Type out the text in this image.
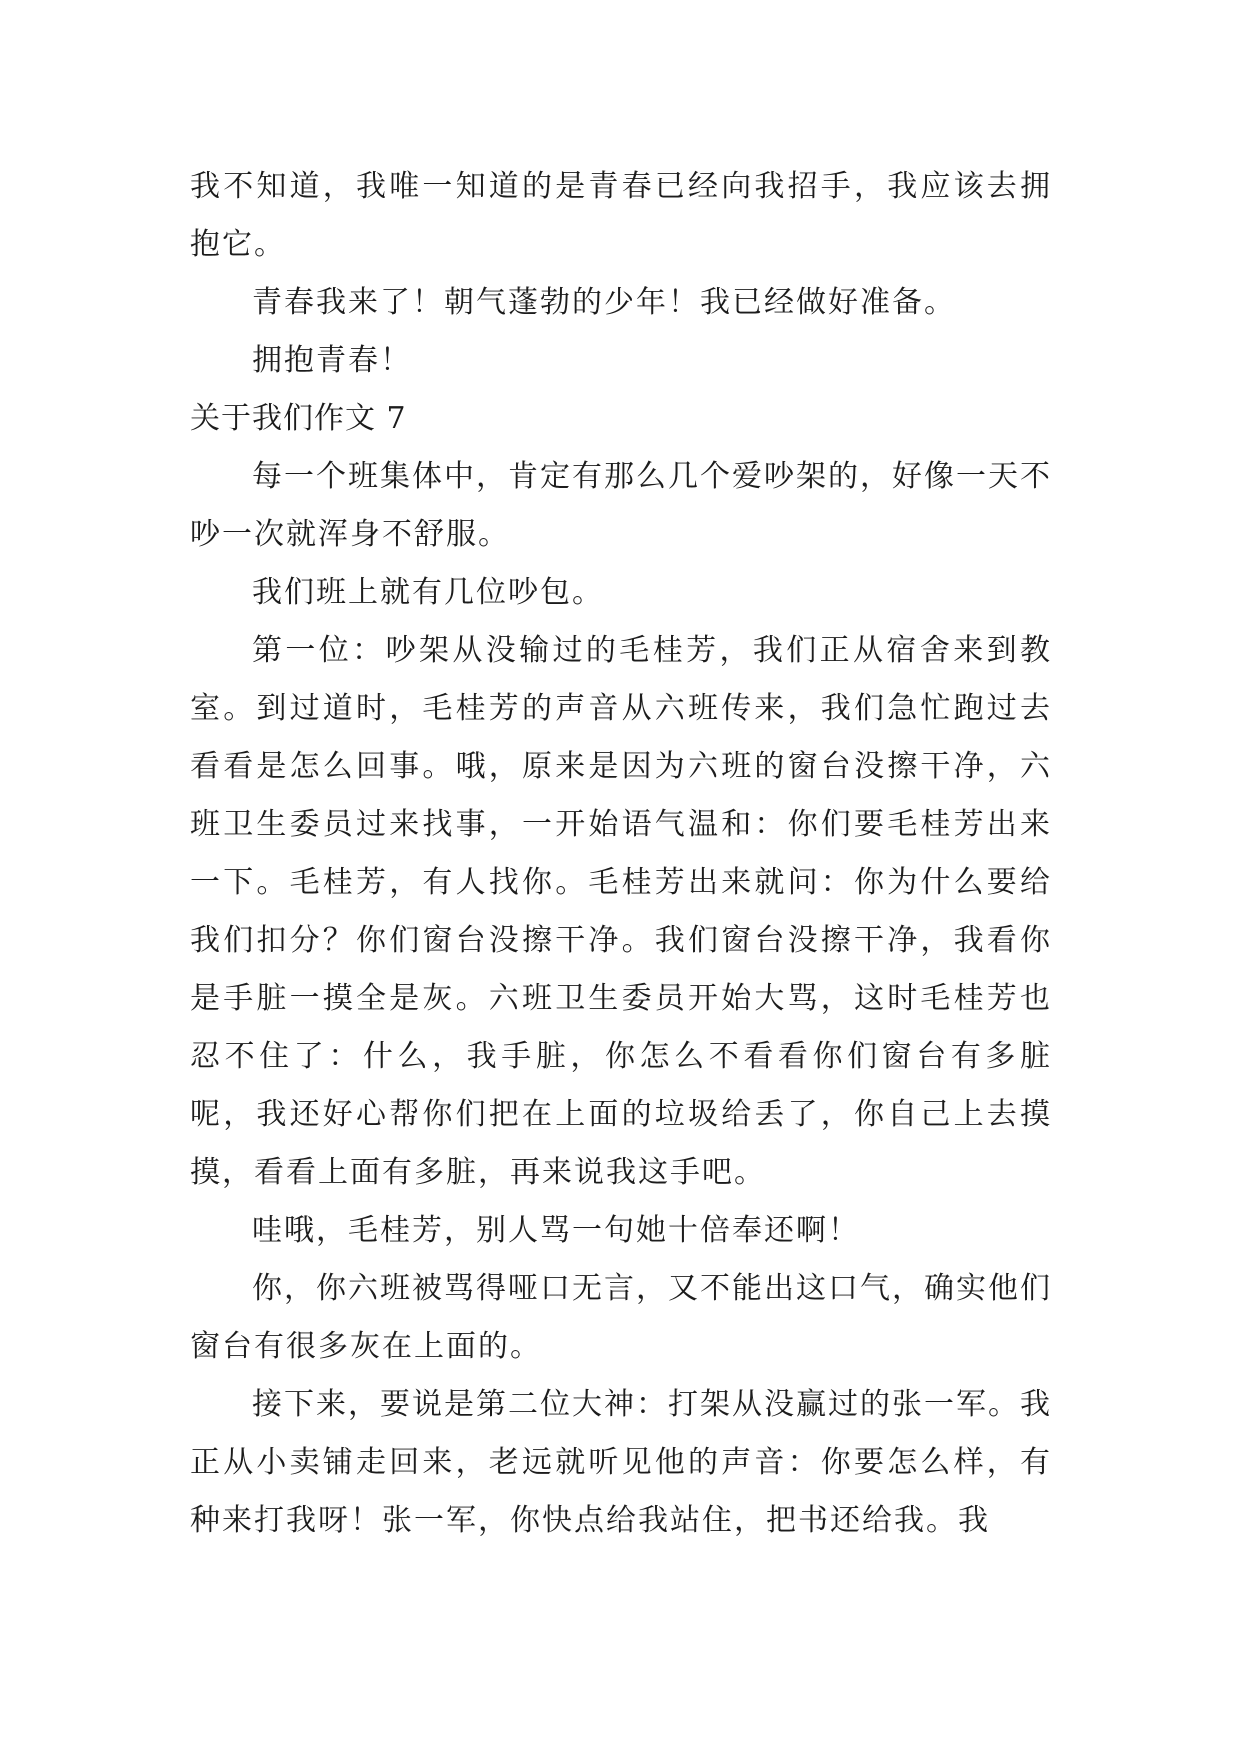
我不知道，我唯一知道的是青春已经向我招手，我应该去拥抱它。

青春我来了！朝气蓬勃的少年！我已经做好准备。

拥抱青春！

关于我们作文 7

每一个班集体中，肯定有那么几个爱吵架的，好像一天不吵一次就浑身不舒服。

我们班上就有几位吵包。

第一位：吵架从没输过的毛桂芳，我们正从宿舍来到教室。到过道时，毛桂芳的声音从六班传来，我们急忙跑过去看看是怎么回事。哦，原来是因为六班的窗台没擦干净，六班卫生委员过来找事，一开始语气温和：你们要毛桂芳出来一下。毛桂芳，有人找你。毛桂芳出来就问：你为什么要给我们扣分？你们窗台没擦干净。我们窗台没擦干净，我看你是手脏一摸全是灰。六班卫生委员开始大骂，这时毛桂芳也忍不住了：什么，我手脏，你怎么不看看你们窗台有多脏呢，我还好心帮你们把在上面的垃圾给丢了，你自己上去摸摸，看看上面有多脏，再来说我这手吧。

哇哦，毛桂芳，别人骂一句她十倍奉还啊！

你，你六班被骂得哑口无言，又不能出这口气，确实他们窗台有很多灰在上面的。

接下来，要说是第二位大神：打架从没赢过的张一军。我正从小卖铺走回来，老远就听见他的声音：你要怎么样，有种来打我呀！张一军，你快点给我站住，把书还给我。我
